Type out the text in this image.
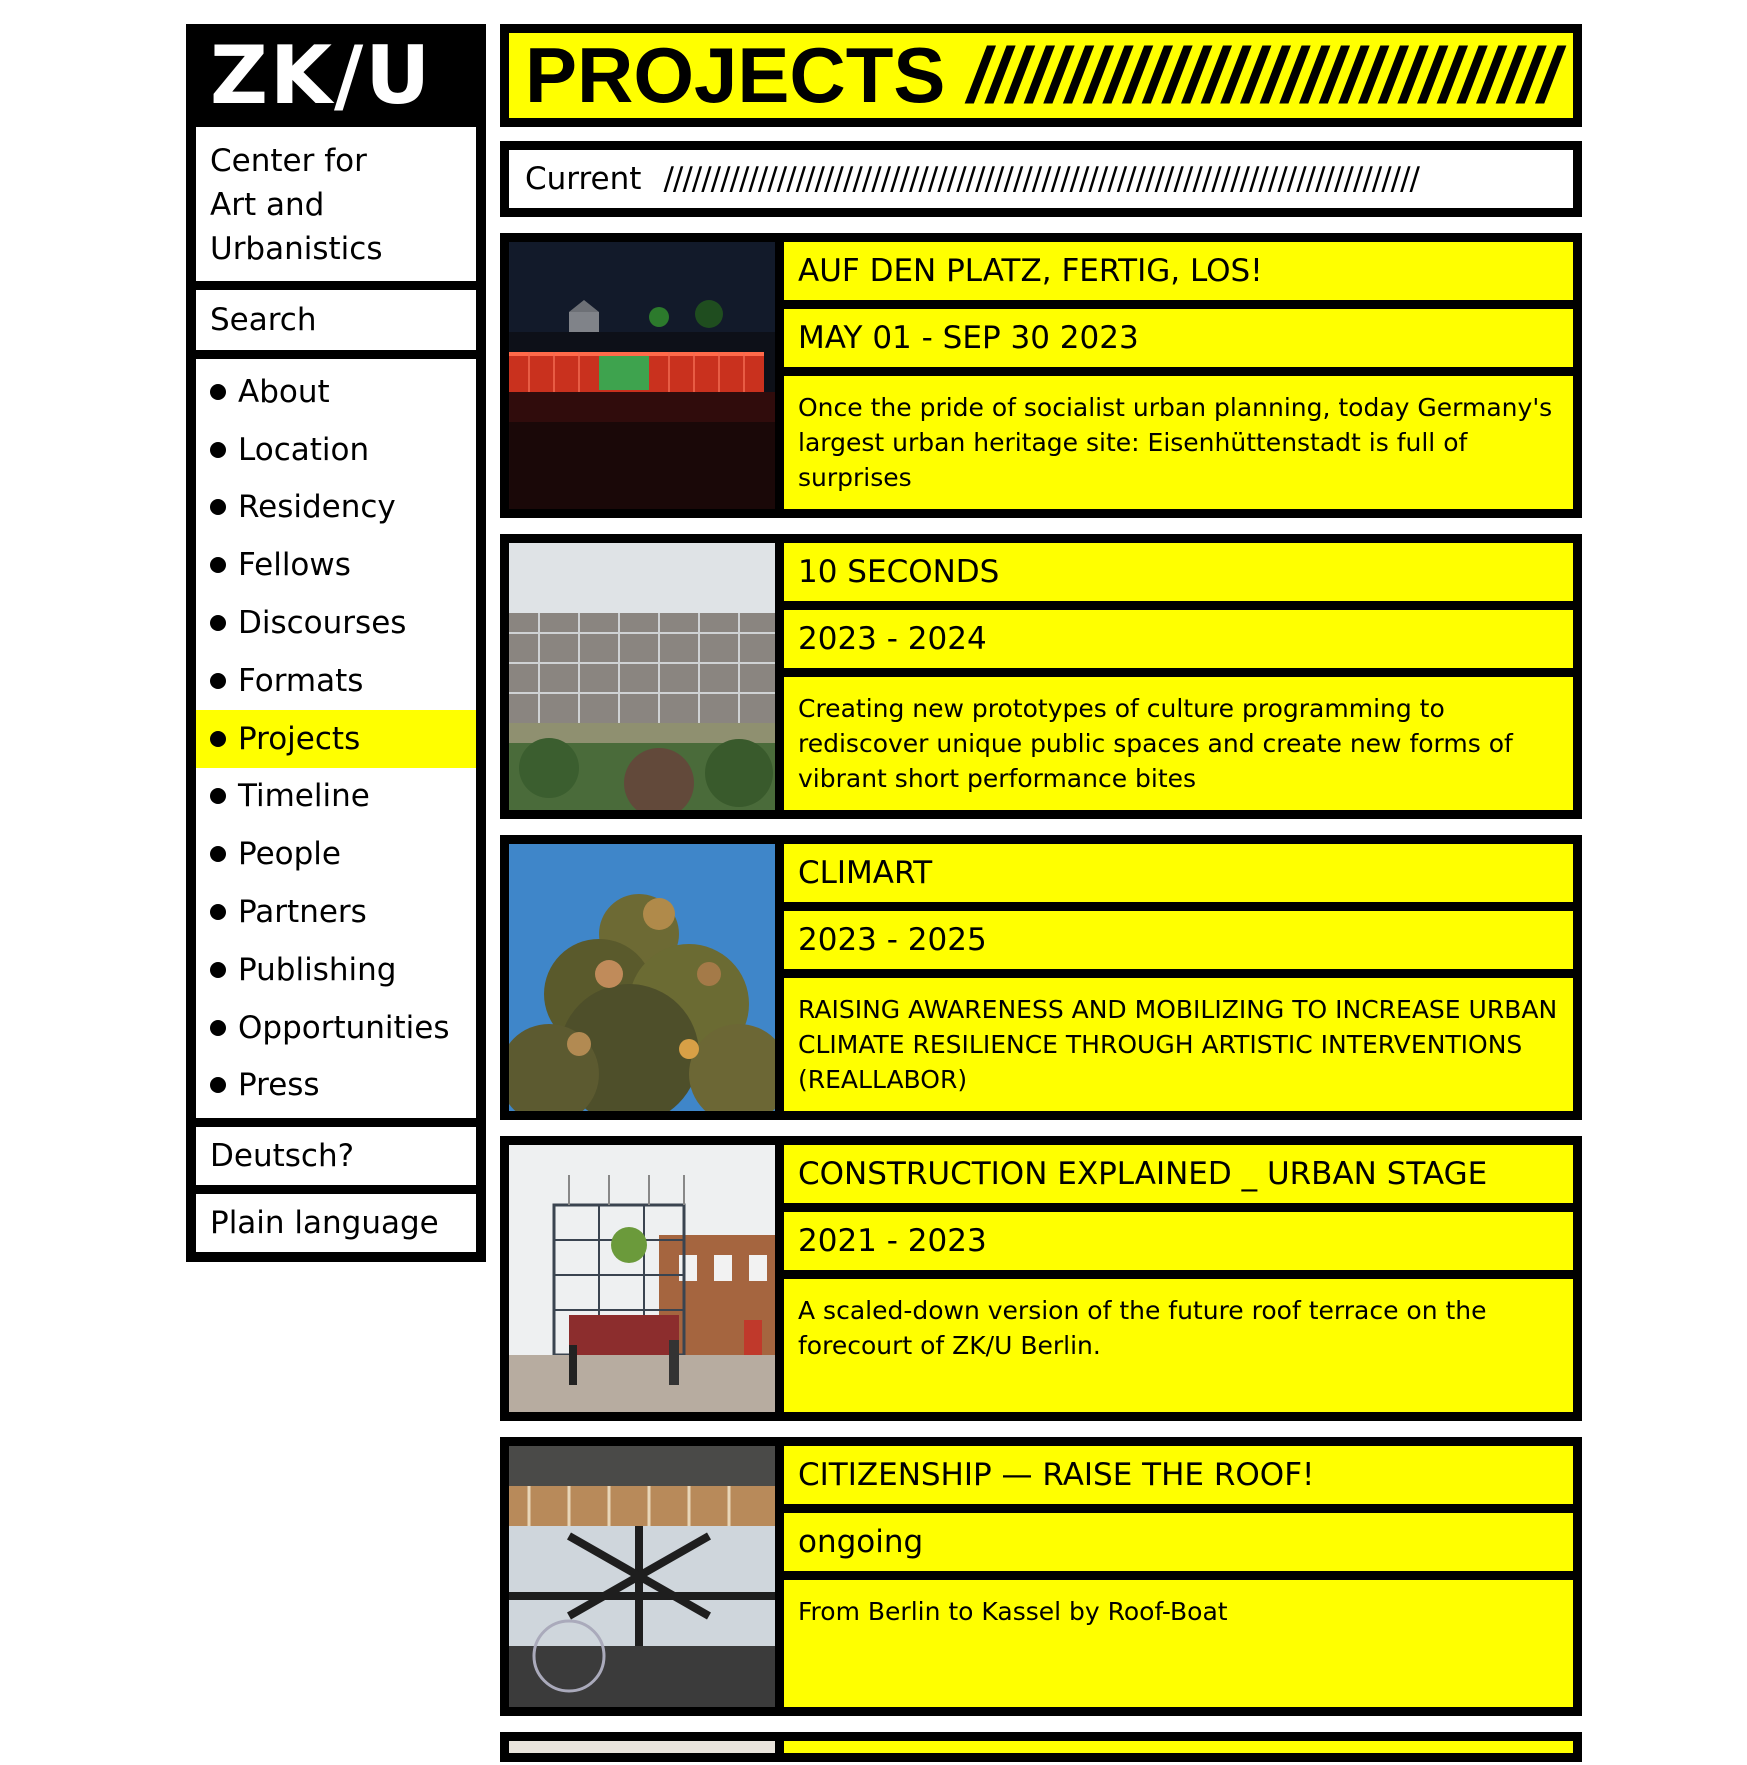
ZK/U
Center for
Art and
Urbanistics
Search
About
Location
Residency
Fellows
Discourses
Formats
Projects
Timeline
People
Partners
Publishing
Opportunities
Press
Deutsch?
Plain language
PROJECTS //////////////////////////////
Current ////////////////////////////////////////////////////////////////////////////////
AUF DEN PLATZ, FERTIG, LOS!
MAY 01 - SEP 30 2023
Once the pride of socialist urban planning, today Germany's largest urban heritage site: Eisenhüttenstadt is full of surprises
10 SECONDS
2023 - 2024
Creating new prototypes of culture programming to rediscover unique public spaces and create new forms of vibrant short performance bites
CLIMART
2023 - 2025
RAISING AWARENESS AND MOBILIZING TO INCREASE URBAN CLIMATE RESILIENCE THROUGH ARTISTIC INTERVENTIONS (REALLABOR)
CONSTRUCTION EXPLAINED _ URBAN STAGE
2021 - 2023
A scaled-down version of the future roof terrace on the forecourt of ZK/U Berlin.
CITIZENSHIP — RAISE THE ROOF!
ongoing
From Berlin to Kassel by Roof-Boat
